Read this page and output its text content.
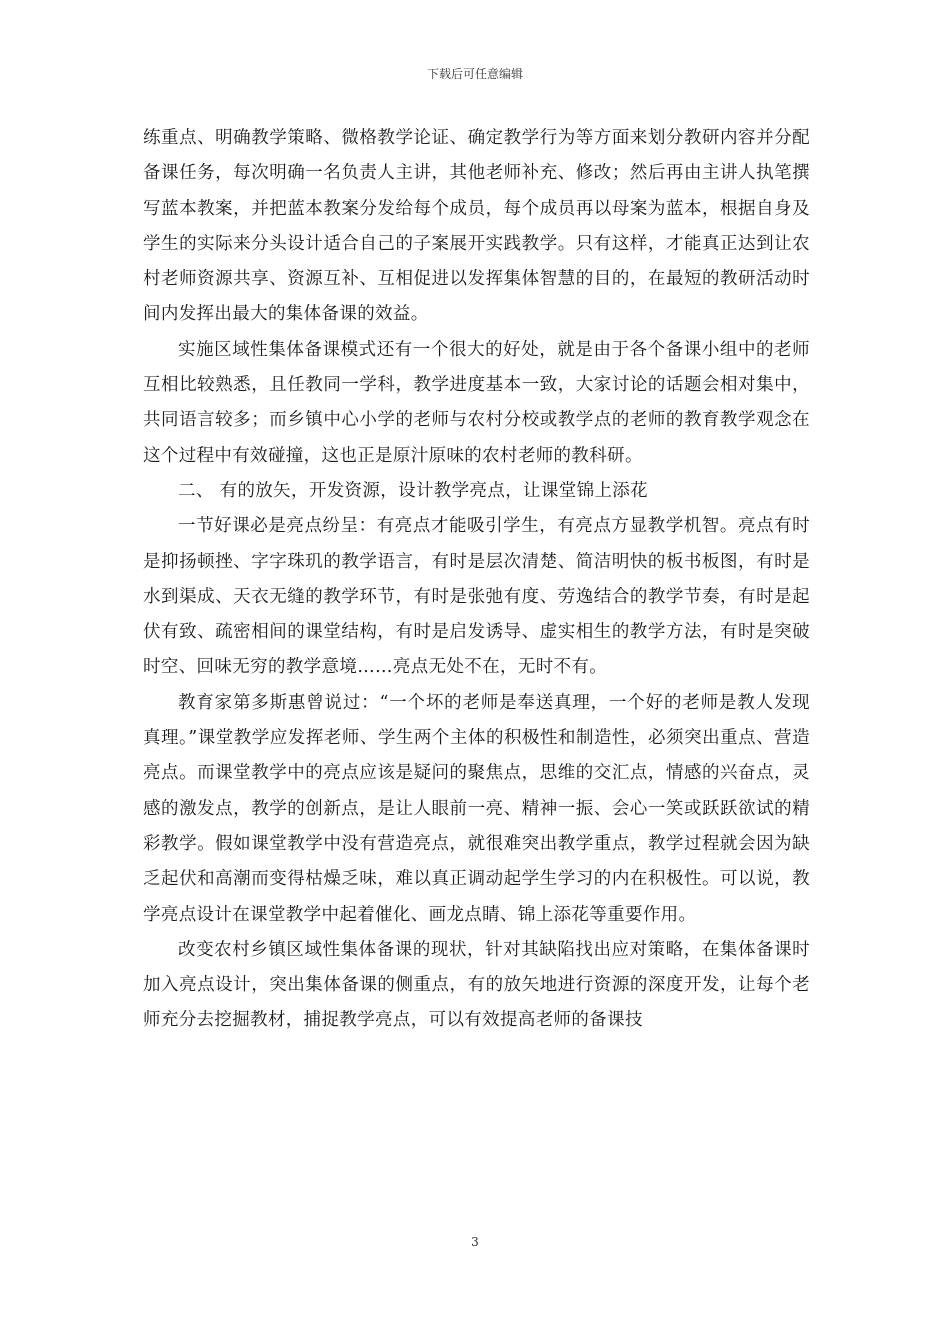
下载后可任意编辑

练重点、明确教学策略、微格教学论证、确定教学行为等方面来划分教研内容并分配备课任务，每次明确一名负责人主讲，其他老师补充、修改；然后再由主讲人执笔撰写蓝本教案，并把蓝本教案分发给每个成员，每个成员再以母案为蓝本，根据自身及学生的实际来分头设计适合自己的子案展开实践教学。只有这样，才能真正达到让农村老师资源共享、资源互补、互相促进以发挥集体智慧的目的，在最短的教研活动时间内发挥出最大的集体备课的效益。

实施区域性集体备课模式还有一个很大的好处，就是由于各个备课小组中的老师互相比较熟悉，且任教同一学科，教学进度基本一致，大家讨论的话题会相对集中，共同语言较多；而乡镇中心小学的老师与农村分校或教学点的老师的教育教学观念在这个过程中有效碰撞，这也正是原汁原味的农村老师的教科研。

二、 有的放矢，开发资源，设计教学亮点，让课堂锦上添花

一节好课必是亮点纷呈：有亮点才能吸引学生，有亮点方显教学机智。亮点有时是抑扬顿挫、字字珠玑的教学语言，有时是层次清楚、简洁明快的板书板图，有时是水到渠成、天衣无缝的教学环节，有时是张弛有度、劳逸结合的教学节奏，有时是起伏有致、疏密相间的课堂结构，有时是启发诱导、虚实相生的教学方法，有时是突破时空、回味无穷的教学意境……亮点无处不在，无时不有。

教育家第多斯惠曾说过：“一个坏的老师是奉送真理，一个好的老师是教人发现真理。”课堂教学应发挥老师、学生两个主体的积极性和制造性，必须突出重点、营造亮点。而课堂教学中的亮点应该是疑问的聚焦点，思维的交汇点，情感的兴奋点，灵感的激发点，教学的创新点，是让人眼前一亮、精神一振、会心一笑或跃跃欲试的精彩教学。假如课堂教学中没有营造亮点，就很难突出教学重点，教学过程就会因为缺乏起伏和高潮而变得枯燥乏味，难以真正调动起学生学习的内在积极性。可以说，教学亮点设计在课堂教学中起着催化、画龙点睛、锦上添花等重要作用。

改变农村乡镇区域性集体备课的现状，针对其缺陷找出应对策略，在集体备课时加入亮点设计，突出集体备课的侧重点，有的放矢地进行资源的深度开发，让每个老师充分去挖掘教材，捕捉教学亮点，可以有效提高老师的备课技

3
